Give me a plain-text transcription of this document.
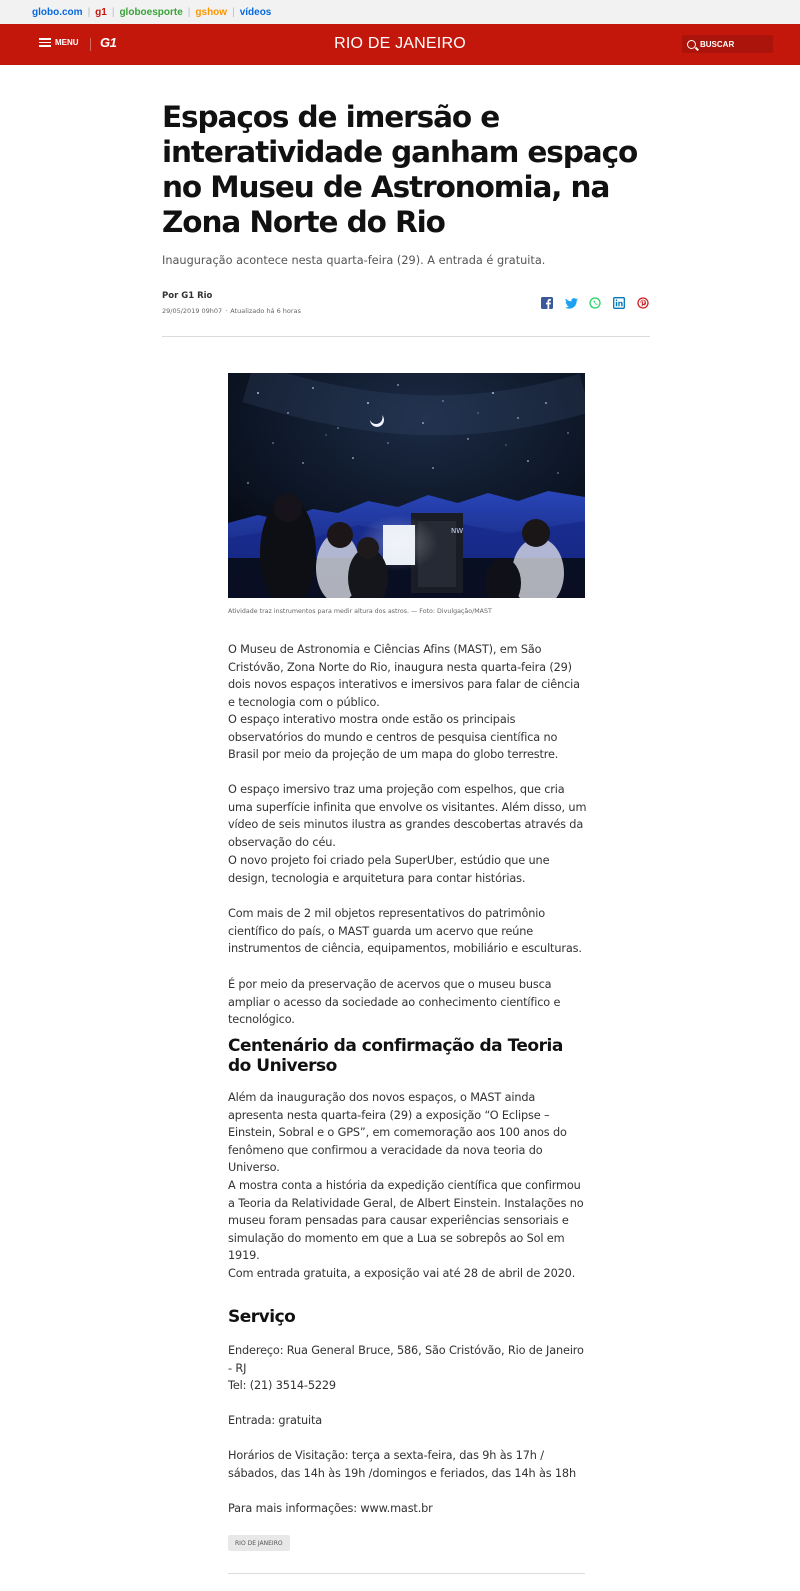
globo.com | g1 | globoesporte | gshow | vídeos
MENU G1	RIO DE JANEIRO	BUSCAR
Espaços de imersão e interatividade ganham espaço no Museu de Astronomia, na Zona Norte do Rio

Inauguração acontece nesta quarta-feira (29). A entrada é gratuita.

Por G1 Rio
29/05/2019 09h07 · Atualizado há 6 horas
NW
Atividade traz instrumentos para medir altura dos astros. — Foto: Divulgação/MAST

O Museu de Astronomia e Ciências Afins (MAST), em São Cristóvão, Zona Norte do Rio, inaugura nesta quarta-feira (29) dois novos espaços interativos e imersivos para falar de ciência e tecnologia com o público.

O espaço interativo mostra onde estão os principais observatórios do mundo e centros de pesquisa científica no Brasil por meio da projeção de um mapa do globo terrestre.

O espaço imersivo traz uma projeção com espelhos, que cria uma superfície infinita que envolve os visitantes. Além disso, um vídeo de seis minutos ilustra as grandes descobertas através da observação do céu.

O novo projeto foi criado pela SuperUber, estúdio que une design, tecnologia e arquitetura para contar histórias.

Com mais de 2 mil objetos representativos do patrimônio científico do país, o MAST guarda um acervo que reúne instrumentos de ciência, equipamentos, mobiliário e esculturas.

É por meio da preservação de acervos que o museu busca ampliar o acesso da sociedade ao conhecimento científico e tecnológico.

Centenário da confirmação da Teoria do Universo

Além da inauguração dos novos espaços, o MAST ainda apresenta nesta quarta-feira (29) a exposição “O Eclipse – Einstein, Sobral e o GPS”, em comemoração aos 100 anos do fenômeno que confirmou a veracidade da nova teoria do Universo.

A mostra conta a história da expedição científica que confirmou a Teoria da Relatividade Geral, de Albert Einstein. Instalações no museu foram pensadas para causar experiências sensoriais e simulação do momento em que a Lua se sobrepôs ao Sol em 1919.

Com entrada gratuita, a exposição vai até 28 de abril de 2020.

Serviço

Endereço: Rua General Bruce, 586, São Cristóvão, Rio de Janeiro - RJ

Tel: (21) 3514-5229

Entrada: gratuita

Horários de Visitação: terça a sexta-feira, das 9h às 17h / sábados, das 14h às 19h /domingos e feriados, das 14h às 18h

Para mais informações: www.mast.br

RIO DE JANEIRO
